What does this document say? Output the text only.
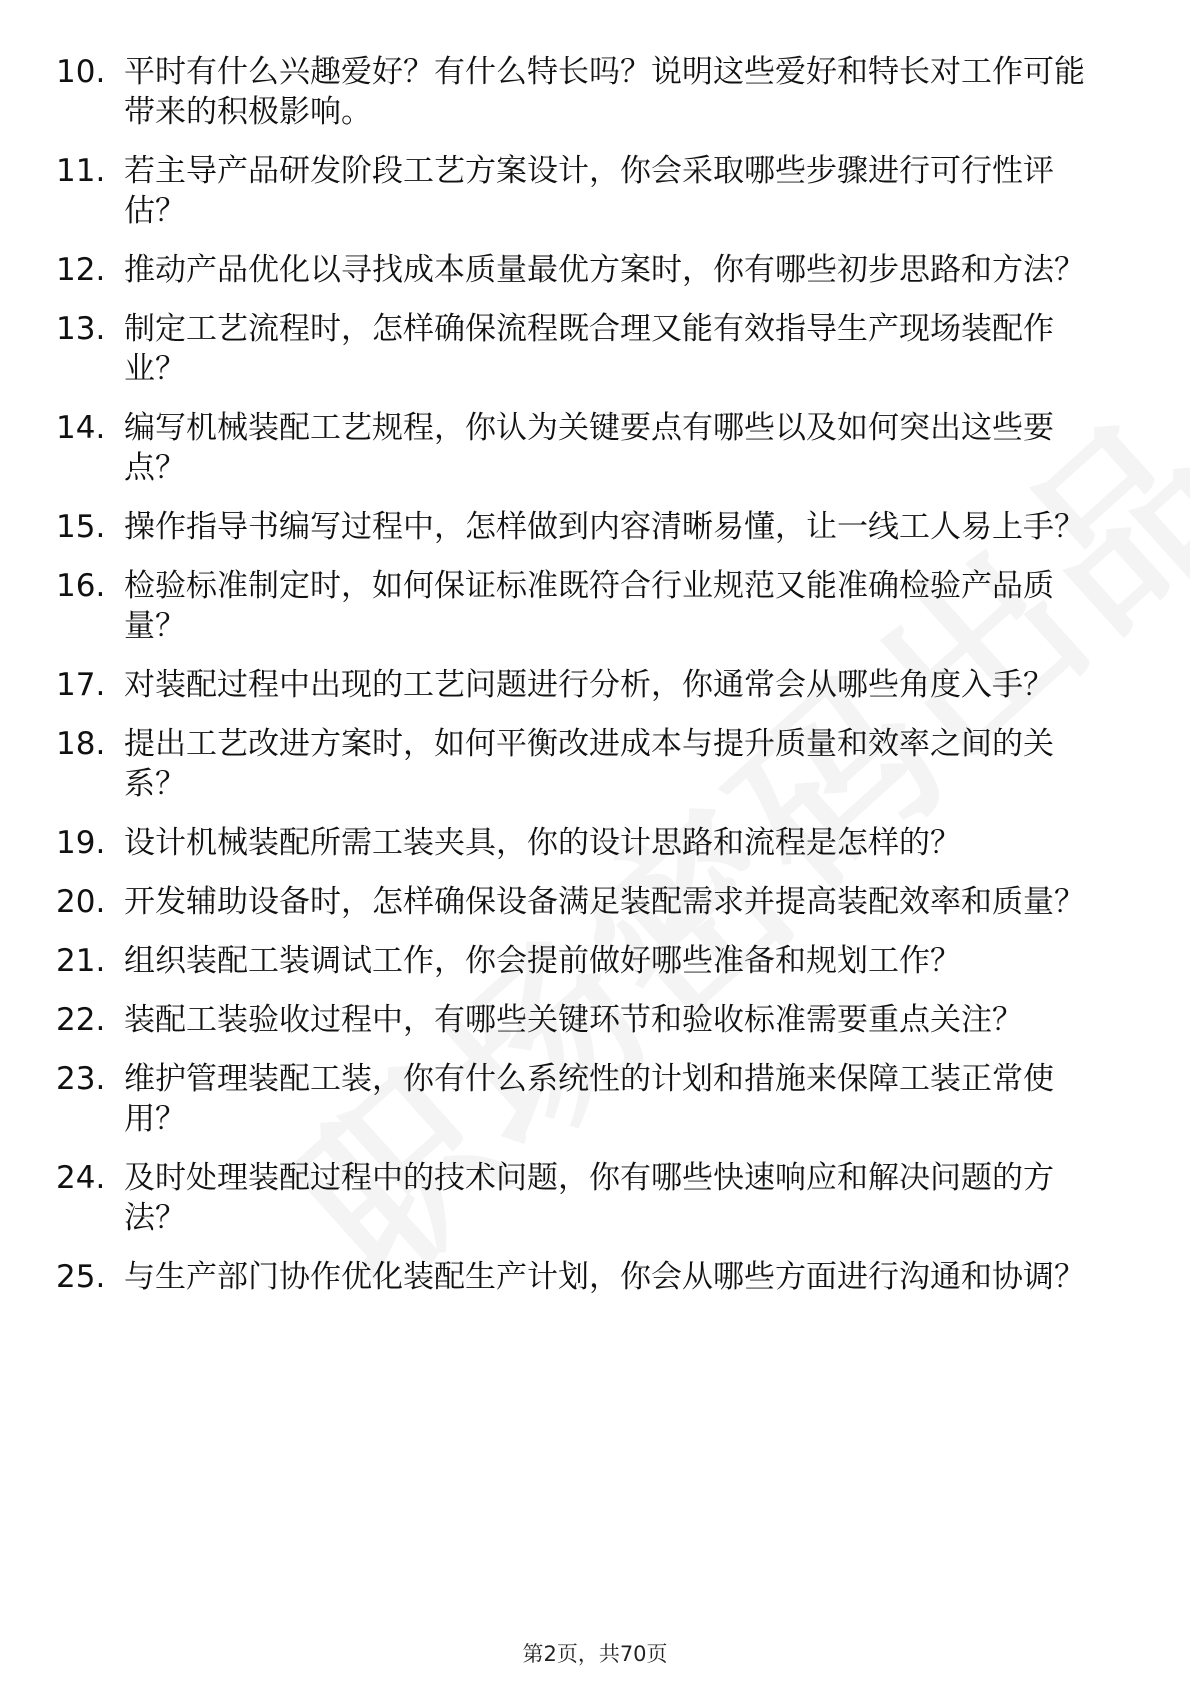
10. 平时有什么兴趣爱好？有什么特长吗？说明这些爱好和特长对工作可能带来的积极影响。
11. 若主导产品研发阶段工艺方案设计，你会采取哪些步骤进行可行性评估？
12. 推动产品优化以寻找成本质量最优方案时，你有哪些初步思路和方法？
13. 制定工艺流程时，怎样确保流程既合理又能有效指导生产现场装配作业？
14. 编写机械装配工艺规程，你认为关键要点有哪些以及如何突出这些要点？
15. 操作指导书编写过程中，怎样做到内容清晰易懂，让一线工人易上手？
16. 检验标准制定时，如何保证标准既符合行业规范又能准确检验产品质量？
17. 对装配过程中出现的工艺问题进行分析，你通常会从哪些角度入手？
18. 提出工艺改进方案时，如何平衡改进成本与提升质量和效率之间的关系？
19. 设计机械装配所需工装夹具，你的设计思路和流程是怎样的？
20. 开发辅助设备时，怎样确保设备满足装配需求并提高装配效率和质量？
21. 组织装配工装调试工作，你会提前做好哪些准备和规划工作？
22. 装配工装验收过程中，有哪些关键环节和验收标准需要重点关注？
23. 维护管理装配工装，你有什么系统性的计划和措施来保障工装正常使用？
24. 及时处理装配过程中的技术问题，你有哪些快速响应和解决问题的方法？
25. 与生产部门协作优化装配生产计划，你会从哪些方面进行沟通和协调？
第2页，共70页
